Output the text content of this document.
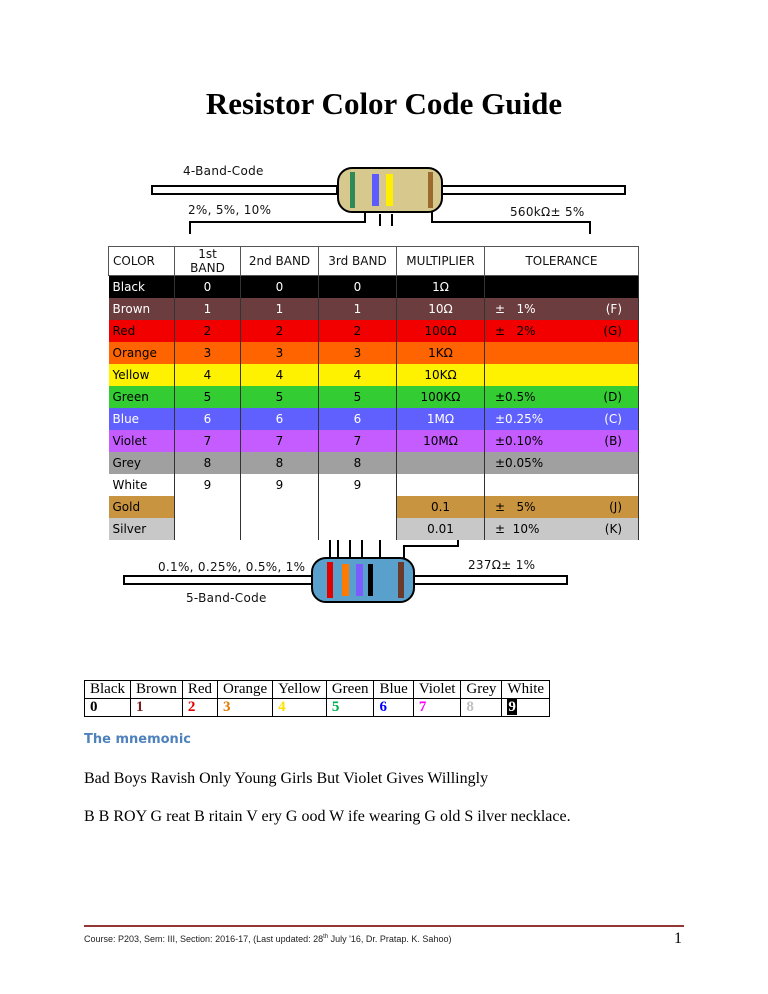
Resistor Color Code Guide
4-Band-Code
2%, 5%, 10%	560kΩ± 5%
0.1%, 0.25%, 0.5%, 1%	237Ω± 1%
5-Band-Code
COLOR	1st BAND	2nd BAND	3rd BAND	MULTIPLIER	TOLERANCE
Black	0	0	0	1Ω	

Brown	1	1	1	10Ω	±   1% (F)

Red	2	2	2	100Ω	±   2% (G)

Orange	3	3	3	1KΩ	

Yellow	4	4	4	10KΩ	

Green	5	5	5	100KΩ	±0.5% (D)

Blue	6	6	6	1MΩ	±0.25% (C)

Violet	7	7	7	10MΩ	±0.10% (B)

Grey	8	8	8		±0.05%

White	9	9	9		

Gold				0.1	±   5% (J)

Silver				0.01	±  10% (K)
Black	Brown	Red	Orange	Yellow	Green	Blue	Violet	Grey	White
0	1	2	3	4	5	6	7	8	9
The mnemonic
Bad Boys Ravish Only Young Girls But Violet Gives Willingly
B B ROY G reat B ritain V ery G ood W ife wearing G old S ilver necklace.
Course: P203, Sem: III, Section: 2016-17, (Last updated: 28th July '16, Dr. Pratap. K. Sahoo)	1
